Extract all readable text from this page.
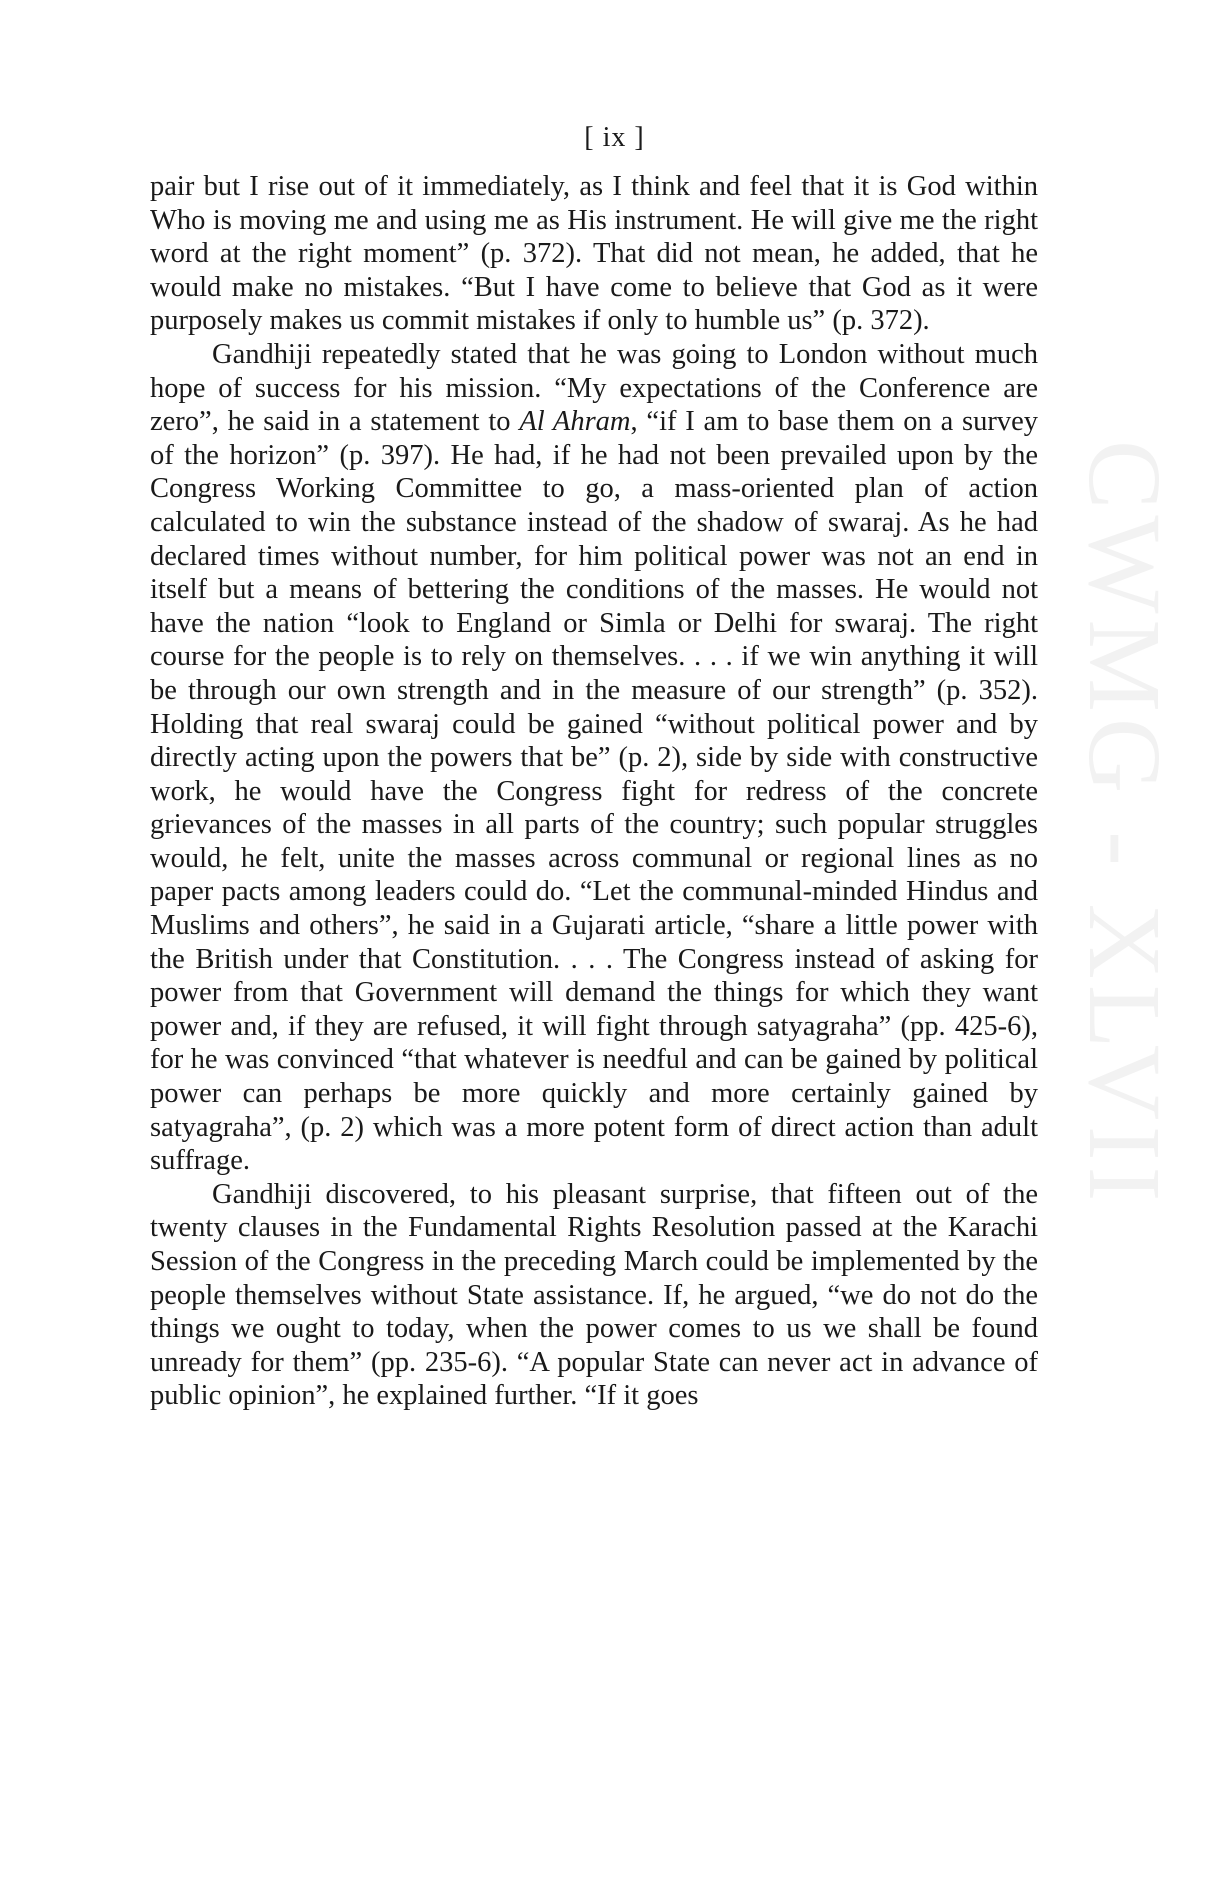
CWMG - XLVII
[ ix ]

pair but I rise out of it immediately, as I think and feel that it is God within Who is moving me and using me as His instrument. He will give me the right word at the right moment” (p. 372). That did not mean, he added, that he would make no mistakes. “But I have come to believe that God as it were purposely makes us commit mistakes if only to humble us” (p. 372).

Gandhiji repeatedly stated that he was going to London without much hope of success for his mission. “My expectations of the Conference are zero”, he said in a statement to Al Ahram, “if I am to base them on a survey of the horizon” (p. 397). He had, if he had not been prevailed upon by the Congress Working Committee to go, a mass-oriented plan of action calculated to win the substance instead of the shadow of swaraj. As he had declared times without number, for him political power was not an end in itself but a means of bettering the conditions of the masses. He would not have the nation “look to England or Simla or Delhi for swaraj. The right course for the people is to rely on themselves. . . . if we win anything it will be through our own strength and in the measure of our strength” (p. 352). Holding that real swaraj could be gained “without political power and by directly acting upon the powers that be” (p. 2), side by side with constructive work, he would have the Congress fight for redress of the concrete grievances of the masses in all parts of the country; such popular struggles would, he felt, unite the masses across communal or regional lines as no paper pacts among leaders could do. “Let the communal-minded Hindus and Muslims and others”, he said in a Gujarati article, “share a little power with the British under that Constitution. . . . The Congress instead of asking for power from that Government will demand the things for which they want power and, if they are refused, it will fight through satyagraha” (pp. 425-6), for he was convinced “that whatever is needful and can be gained by political power can perhaps be more quickly and more certainly gained by satyagraha”, (p. 2) which was a more potent form of direct action than adult suffrage.

Gandhiji discovered, to his pleasant surprise, that fifteen out of the twenty clauses in the Fundamental Rights Resolution passed at the Karachi Session of the Congress in the preceding March could be implemented by the people themselves without State assistance. If, he argued, “we do not do the things we ought to today, when the power comes to us we shall be found unready for them” (pp. 235-6). “A popular State can never act in advance of public opinion”, he explained further. “If it goes
